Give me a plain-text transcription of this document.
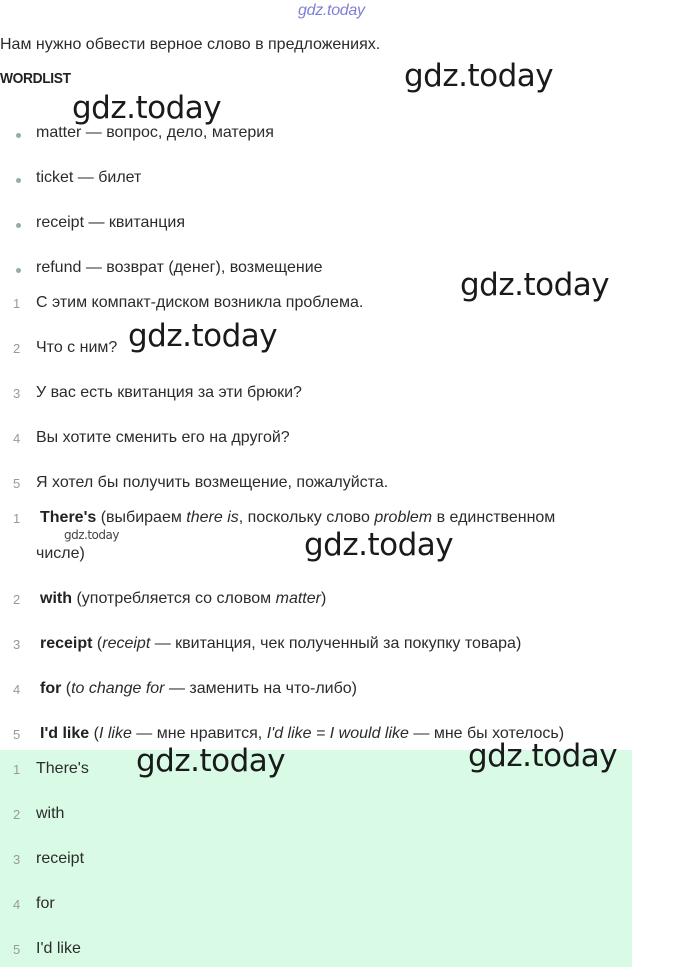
gdz.today
Нам нужно обвести верное слово в предложениях.
WORDLIST
matter — вопрос, дело, материя
ticket — билет
receipt — квитанция
refund — возврат (денег), возмещение
1 С этим компакт-диском возникла проблема.
2 Что с ним?
3 У вас есть квитанция за эти брюки?
4 Вы хотите сменить его на другой?
5 Я хотел бы получить возмещение, пожалуйста.
1 There's (выбираем there is, поскольку слово problem в единственном
числе)
2 with (употребляется со словом matter)
3 receipt (receipt — квитанция, чек полученный за покупку товара)
4 for (to change for — заменить на что-либо)
5 I'd like (I like — мне нравится, I'd like = I would like — мне бы хотелось)
1 There's
2 with
3 receipt
4 for
5 I'd like
gdz.today
gdz.today
gdz.today
gdz.today
gdz.today	gdz.today
gdz.today	gdz.today
